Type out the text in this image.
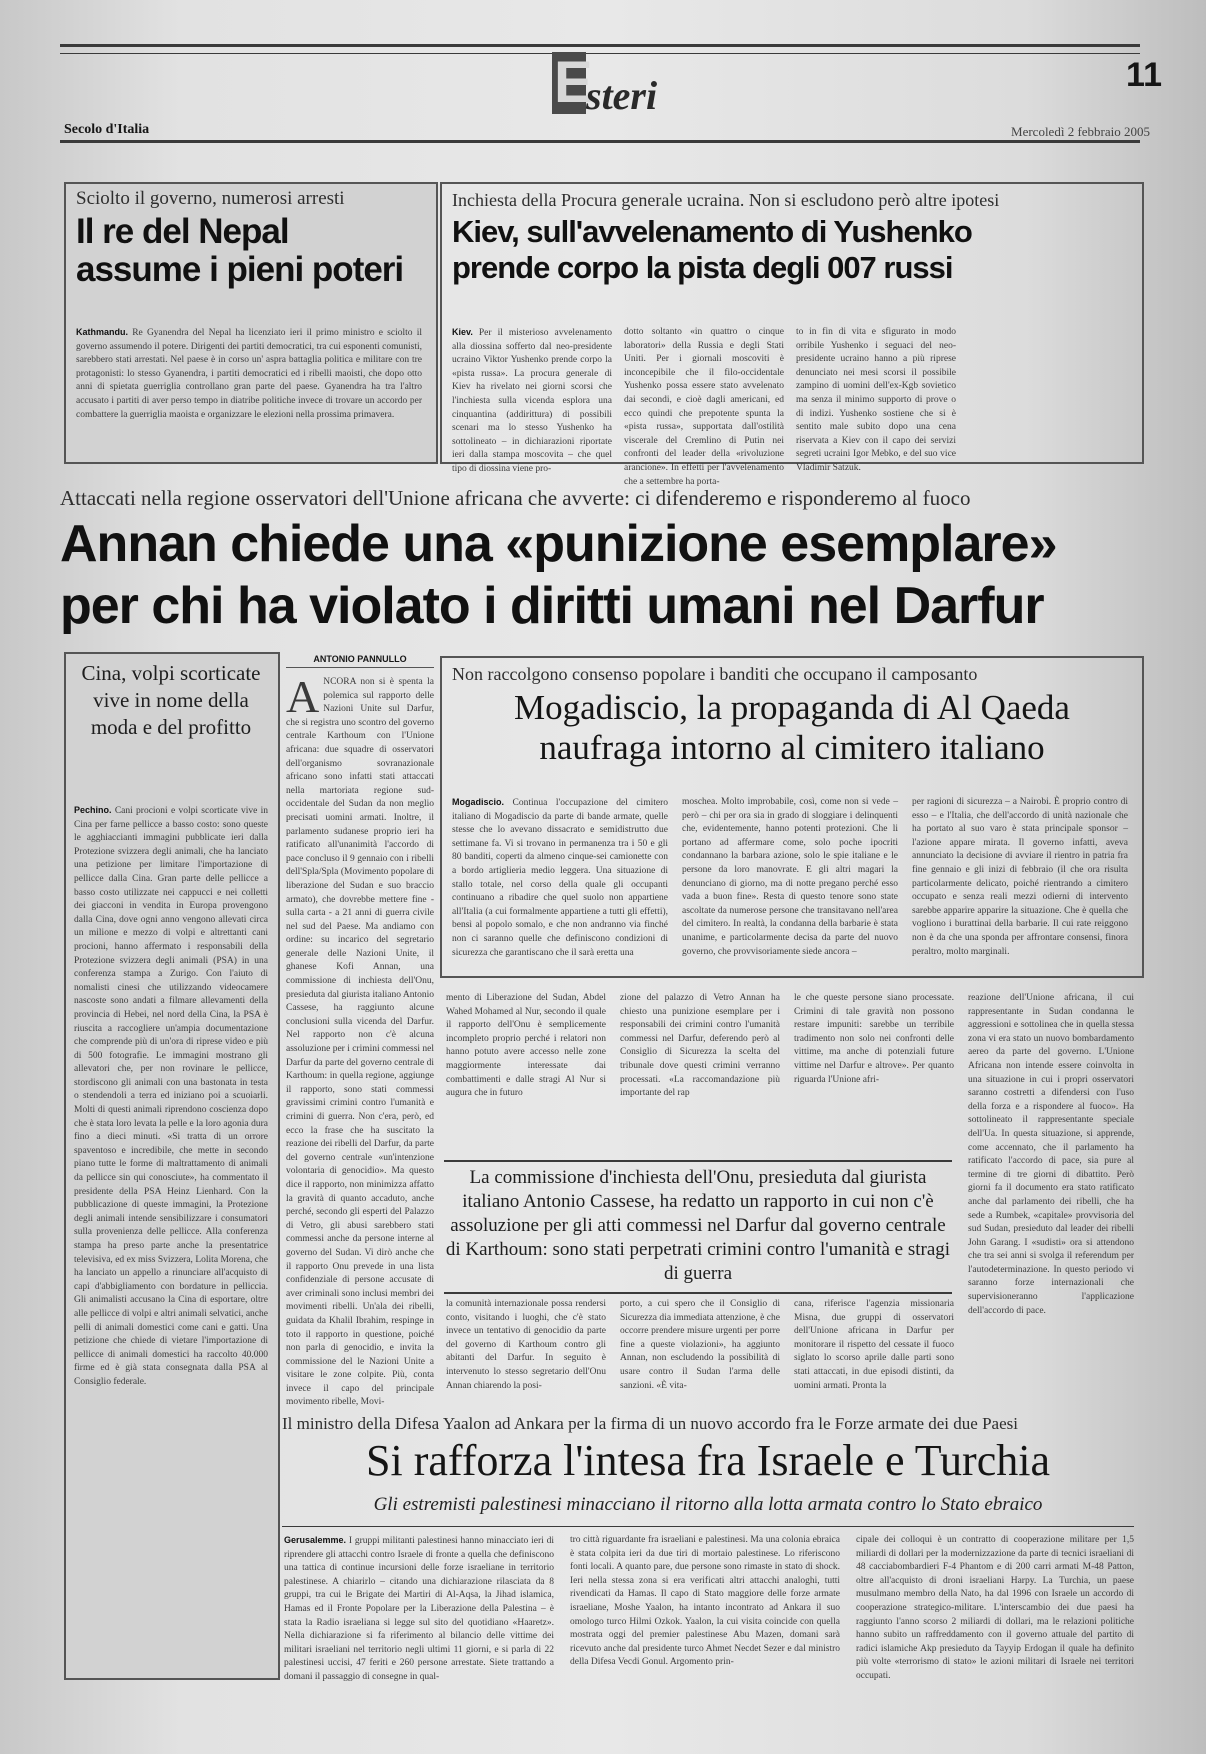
E
steri	11
Secolo d'Italia	Mercoledì 2 febbraio 2005
Sciolto il governo, numerosi arresti
Il re del Nepal
assume i pieni poteri
Kathmandu. Re Gyanendra del Nepal ha licenziato ieri il primo ministro e sciolto il governo assumendo il potere. Dirigenti dei partiti democratici, tra cui esponenti comunisti, sarebbero stati arrestati. Nel paese è in corso un' aspra battaglia politica e militare con tre protagonisti: lo stesso Gyanendra, i partiti democratici ed i ribelli maoisti, che dopo otto anni di spietata guerriglia controllano gran parte del paese. Gyanendra ha tra l'altro accusato i partiti di aver perso tempo in diatribe politiche invece di trovare un accordo per combattere la guerriglia maoista e organizzare le elezioni nella prossima primavera.
Inchiesta della Procura generale ucraina. Non si escludono però altre ipotesi
Kiev, sull'avvelenamento di Yushenko
prende corpo la pista degli 007 russi
Kiev. Per il misterioso avvelenamento alla diossina sofferto dal neo-presidente ucraino Viktor Yushenko prende corpo la «pista russa». La procura generale di Kiev ha rivelato nei giorni scorsi che l'inchiesta sulla vicenda esplora una cinquantina (addirittura) di possibili scenari ma lo stesso Yushenko ha sottolineato – in dichiarazioni riportate ieri dalla stampa moscovita – che quel tipo di diossina viene pro-
dotto soltanto «in quattro o cinque laboratori» della Russia e degli Stati Uniti. Per i giornali moscoviti è inconcepibile che il filo-occidentale Yushenko possa essere stato avvelenato dai secondi, e cioè dagli americani, ed ecco quindi che prepotente spunta la «pista russa», supportata dall'ostilità viscerale del Cremlino di Putin nei confronti del leader della «rivoluzione arancione». In effetti per l'avvelenamento che a settembre ha porta-
to in fin di vita e sfigurato in modo orribile Yushenko i seguaci del neo-presidente ucraino hanno a più riprese denunciato nei mesi scorsi il possibile zampino di uomini dell'ex-Kgb sovietico ma senza il minimo supporto di prove o di indizi. Yushenko sostiene che si è sentito male subito dopo una cena riservata a Kiev con il capo dei servizi segreti ucraini Igor Mebko, e del suo vice Vladimir Satzuk.
Attaccati nella regione osservatori dell'Unione africana che avverte: ci difenderemo e risponderemo al fuoco
Annan chiede una «punizione esemplare»
per chi ha violato i diritti umani nel Darfur
Cina, volpi scorticate vive in nome della moda e del profitto
Pechino. Cani procioni e volpi scorticate vive in Cina per farne pellicce a basso costo: sono queste le agghiaccianti immagini pubblicate ieri dalla Protezione svizzera degli animali, che ha lanciato una petizione per limitare l'importazione di pellicce dalla Cina. Gran parte delle pellicce a basso costo utilizzate nei cappucci e nei colletti dei giacconi in vendita in Europa provengono dalla Cina, dove ogni anno vengono allevati circa un milione e mezzo di volpi e altrettanti cani procioni, hanno affermato i responsabili della Protezione svizzera degli animali (PSA) in una conferenza stampa a Zurigo. Con l'aiuto di nomalisti cinesi che utilizzando videocamere nascoste sono andati a filmare allevamenti della provincia di Hebei, nel nord della Cina, la PSA è riuscita a raccogliere un'ampia documentazione che comprende più di un'ora di riprese video e più di 500 fotografie. Le immagini mostrano gli allevatori che, per non rovinare le pellicce, stordiscono gli animali con una bastonata in testa o stendendoli a terra ed iniziano poi a scuoiarli. Molti di questi animali riprendono coscienza dopo che è stata loro levata la pelle e la loro agonia dura fino a dieci minuti. «Si tratta di un orrore spaventoso e incredibile, che mette in secondo piano tutte le forme di maltrattamento di animali da pellicce sin qui conosciute», ha commentato il presidente della PSA Heinz Lienhard. Con la pubblicazione di queste immagini, la Protezione degli animali intende sensibilizzare i consumatori sulla provenienza delle pellicce. Alla conferenza stampa ha preso parte anche la presentatrice televisiva, ed ex miss Svizzera, Lolita Morena, che ha lanciato un appello a rinunciare all'acquisto di capi d'abbigliamento con bordature in pelliccia. Gli animalisti accusano la Cina di esportare, oltre alle pellicce di volpi e altri animali selvatici, anche pelli di animali domestici come cani e gatti. Una petizione che chiede di vietare l'importazione di pellicce di animali domestici ha raccolto 40.000 firme ed è già stata consegnata dalla PSA al Consiglio federale.
ANTONIO PANNULLO
A NCORA non si è spenta la polemica sul rapporto delle Nazioni Unite sul Darfur, che si registra uno scontro del governo centrale Karthoum con l'Unione africana: due squadre di osservatori dell'organismo sovranazionale africano sono infatti stati attaccati nella martoriata regione sud-occidentale del Sudan da non meglio precisati uomini armati. Inoltre, il parlamento sudanese proprio ieri ha ratificato all'unanimità l'accordo di pace concluso il 9 gennaio con i ribelli dell'Spla/Spla (Movimento popolare di liberazione del Sudan e suo braccio armato), che dovrebbe mettere fine - sulla carta - a 21 anni di guerra civile nel sud del Paese. Ma andiamo con ordine: su incarico del segretario generale delle Nazioni Unite, il ghanese Kofi Annan, una commissione di inchiesta dell'Onu, presieduta dal giurista italiano Antonio Cassese, ha raggiunto alcune conclusioni sulla vicenda del Darfur. Nel rapporto non c'è alcuna assoluzione per i crimini commessi nel Darfur da parte del governo centrale di Karthoum: in quella regione, aggiunge il rapporto, sono stati commessi gravissimi crimini contro l'umanità e crimini di guerra. Non c'era, però, ed ecco la frase che ha suscitato la reazione dei ribelli del Darfur, da parte del governo centrale «un'intenzione volontaria di genocidio». Ma questo dice il rapporto, non minimizza affatto la gravità di quanto accaduto, anche perché, secondo gli esperti del Palazzo di Vetro, gli abusi sarebbero stati commessi anche da persone interne al governo del Sudan. Vi dirò anche che il rapporto Onu prevede in una lista confidenziale di persone accusate di aver criminali sono inclusi membri dei movimenti ribelli. Un'ala dei ribelli, guidata da Khalil Ibrahim, respinge in toto il rapporto in questione, poiché non parla di genocidio, e invita la commissione del le Nazioni Unite a visitare le zone colpite. Più, conta invece il capo del principale movimento ribelle, Movi-
Non raccolgono consenso popolare i banditi che occupano il camposanto
Mogadiscio, la propaganda di Al Qaeda
naufraga intorno al cimitero italiano
Mogadiscio. Continua l'occupazione del cimitero italiano di Mogadiscio da parte di bande armate, quelle stesse che lo avevano dissacrato e semidistrutto due settimane fa. Vi si trovano in permanenza tra i 50 e gli 80 banditi, coperti da almeno cinque-sei camionette con a bordo artiglieria medio leggera. Una situazione di stallo totale, nel corso della quale gli occupanti continuano a ribadire che quel suolo non appartiene all'Italia (a cui formalmente appartiene a tutti gli effetti), bensì al popolo somalo, e che non andranno via finché non ci saranno quelle che definiscono condizioni di sicurezza che garantiscano che il sarà eretta una
moschea. Molto improbabile, così, come non si vede – però – chi per ora sia in grado di sloggiare i delinquenti che, evidentemente, hanno potenti protezioni. Che li portano ad affermare come, solo poche ipocriti condannano la barbara azione, solo le spie italiane e le persone da loro manovrate. E gli altri magari la denunciano di giorno, ma di notte pregano perché esso vada a buon fine». Resta di questo tenore sono state ascoltate da numerose persone che transitavano nell'area del cimitero. In realtà, la condanna della barbarie è stata unanime, e particolarmente decisa da parte del nuovo governo, che provvisoriamente siede ancora –
per ragioni di sicurezza – a Nairobi. È proprio contro di esso – e l'Italia, che dell'accordo di unità nazionale che ha portato al suo varo è stata principale sponsor – l'azione appare mirata. Il governo infatti, aveva annunciato la decisione di avviare il rientro in patria fra fine gennaio e gli inizi di febbraio (il che ora risulta particolarmente delicato, poiché rientrando a cimitero occupato e senza reali mezzi odierni di intervento sarebbe apparire apparire la situazione. Che è quella che vogliono i burattinai della barbarie. Il cui rate reiggono non è da che una sponda per affrontare consensi, finora peraltro, molto marginali.
mento di Liberazione del Sudan, Abdel Wahed Mohamed al Nur, secondo il quale il rapporto dell'Onu è semplicemente incompleto proprio perché i relatori non hanno potuto avere accesso nelle zone maggiormente interessate dai combattimenti e dalle stragi Al Nur si augura che in futuro
zione del palazzo di Vetro Annan ha chiesto una punizione esemplare per i responsabili dei crimini contro l'umanità commessi nel Darfur, deferendo però al Consiglio di Sicurezza la scelta del tribunale dove questi crimini verranno processati. «La raccomandazione più importante del rap
le che queste persone siano processate. Crimini di tale gravità non possono restare impuniti: sarebbe un terribile tradimento non solo nei confronti delle vittime, ma anche di potenziali future vittime nel Darfur e altrove». Per quanto riguarda l'Unione afri-
reazione dell'Unione africana, il cui rappresentante in Sudan condanna le aggressioni e sottolinea che in quella stessa zona vi era stato un nuovo bombardamento aereo da parte del governo. L'Unione Africana non intende essere coinvolta in una situazione in cui i propri osservatori saranno costretti a difendersi con l'uso della forza e a rispondere al fuoco». Ha sottolineato il rappresentante speciale dell'Ua. In questa situazione, si apprende, come accennato, che il parlamento ha ratificato l'accordo di pace, sia pure al termine di tre giorni di dibattito. Però giorni fa il documento era stato ratificato anche dal parlamento dei ribelli, che ha sede a Rumbek, «capitale» provvisoria del sud Sudan, presieduto dal leader dei ribelli John Garang. I «sudisti» ora si attendono che tra sei anni si svolga il referendum per l'autodeterminazione. In questo periodo vi saranno forze internazionali che supervisioneranno l'applicazione dell'accordo di pace.
La commissione d'inchiesta dell'Onu, presieduta dal giurista italiano Antonio Cassese, ha redatto un rapporto in cui non c'è assoluzione per gli atti commessi nel Darfur dal governo centrale di Karthoum: sono stati perpetrati crimini contro l'umanità e stragi di guerra
la comunità internazionale possa rendersi conto, visitando i luoghi, che c'è stato invece un tentativo di genocidio da parte del governo di Karthoum contro gli abitanti del Darfur. In seguito è intervenuto lo stesso segretario dell'Onu Annan chiarendo la posi-
porto, a cui spero che il Consiglio di Sicurezza dia immediata attenzione, è che occorre prendere misure urgenti per porre fine a queste violazioni», ha aggiunto Annan, non escludendo la possibilità di usare contro il Sudan l'arma delle sanzioni. «È vita-
cana, riferisce l'agenzia missionaria Misna, due gruppi di osservatori dell'Unione africana in Darfur per monitorare il rispetto del cessate il fuoco siglato lo scorso aprile dalle parti sono stati attaccati, in due episodi distinti, da uomini armati. Pronta la
Il ministro della Difesa Yaalon ad Ankara per la firma di un nuovo accordo fra le Forze armate dei due Paesi
Si rafforza l'intesa fra Israele e Turchia
Gli estremisti palestinesi minacciano il ritorno alla lotta armata contro lo Stato ebraico
Gerusalemme. I gruppi militanti palestinesi hanno minacciato ieri di riprendere gli attacchi contro Israele di fronte a quella che definiscono una tattica di continue incursioni delle forze israeliane in territorio palestinese. A chiarirlo – citando una dichiarazione rilasciata da 8 gruppi, tra cui le Brigate dei Martiri di Al-Aqsa, la Jihad islamica, Hamas ed il Fronte Popolare per la Liberazione della Palestina – è stata la Radio israeliana si legge sul sito del quotidiano «Haaretz». Nella dichiarazione si fa riferimento al bilancio delle vittime dei militari israeliani nel territorio negli ultimi 11 giorni, e si parla di 22 palestinesi uccisi, 47 feriti e 260 persone arrestate. Siete trattando a domani il passaggio di consegne in qual-
tro città riguardante fra israeliani e palestinesi. Ma una colonia ebraica è stata colpita ieri da due tiri di mortaio palestinese. Lo riferiscono fonti locali. A quanto pare, due persone sono rimaste in stato di shock. Ieri nella stessa zona si era verificati altri attacchi analoghi, tutti rivendicati da Hamas. Il capo di Stato maggiore delle forze armate israeliane, Moshe Yaalon, ha intanto incontrato ad Ankara il suo omologo turco Hilmi Ozkok. Yaalon, la cui visita coincide con quella mostrata oggi del premier palestinese Abu Mazen, domani sarà ricevuto anche dal presidente turco Ahmet Necdet Sezer e dal ministro della Difesa Vecdi Gonul. Argomento prin-
cipale dei colloqui è un contratto di cooperazione militare per 1,5 miliardi di dollari per la modernizzazione da parte di tecnici israeliani di 48 cacciabombardieri F-4 Phantom e di 200 carri armati M-48 Patton, oltre all'acquisto di droni israeliani Harpy. La Turchia, un paese musulmano membro della Nato, ha dal 1996 con Israele un accordo di cooperazione strategico-militare. L'interscambio dei due paesi ha raggiunto l'anno scorso 2 miliardi di dollari, ma le relazioni politiche hanno subito un raffreddamento con il governo attuale del partito di radici islamiche Akp presieduto da Tayyip Erdogan il quale ha definito più volte «terrorismo di stato» le azioni militari di Israele nei territori occupati.
